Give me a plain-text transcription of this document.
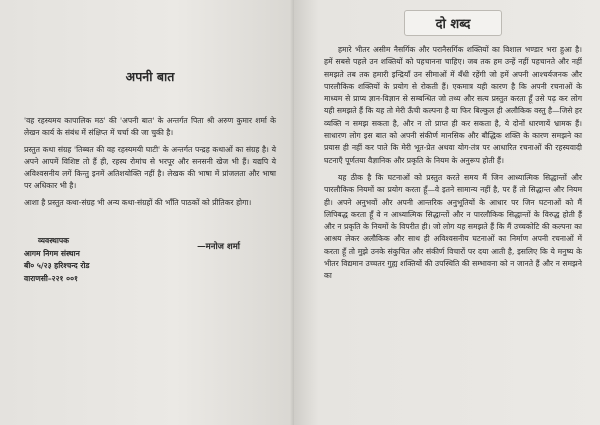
अपनी बात

'वह रहस्यमय कापालिक मठ' की 'अपनी बात' के अन्तर्गत पिता श्री अरुण कुमार शर्मा के लेखन कार्य के संबंध में संक्षिप्त में चर्चा की जा चुकी है।

प्रस्तुत कथा संग्रह 'तिब्बत की वह रहस्यमयी घाटी' के अन्तर्गत पन्द्रह कथाओं का संग्रह है। ये अपने आपमें विशिष्ट तो हैं ही, रहस्य रोमांच से भरपूर और सनसनी खेज भी हैं। यद्यपि ये अविश्वसनीय लगें किन्तु इनमें अतिशयोक्ति नहीं है। लेखक की भाषा में प्रांजलता और भाषा पर अधिकार भी है।

आशा है प्रस्तुत कथा-संग्रह भी अन्य कथा-संग्रहों की भाँति पाठकों को प्रीतिकर होगा।

व्यवस्थापक
आगम निगम संस्थान
बी० ५/२३ हरिश्चन्द रोड
वाराणसी–२२१ ००१
—मनोज शर्मा
दो शब्द

हमारे भीतर असीम नैसर्गिक और परानैसर्गिक शक्तियों का विशाल भण्डार भरा हुआ है। हमें सबसे पहले उन शक्तियों को पहचानना चाहिए। जब तक हम उन्हें नहीं पहचानते और नहीं समझते तब तक हमारी इन्द्रियाँ उन सीमाओं में बँधी रहेंगी जो हमें अपनी आश्चर्यजनक और पारलौकिक शक्तियों के प्रयोग से रोकती हैं। एकमात्र यही कारण है कि अपनी रचनाओं के माध्यम से प्राप्य ज्ञान-विज्ञान से सम्बन्धित जो तथ्य और सत्य प्रस्तुत करता हूँ उसे पढ़ कर लोग यही समझते हैं कि यह तो मेरी ऊँची कल्पना है या फिर बिल्कुल ही अलौकिक वस्तु है—जिसे हर व्यक्ति न समझ सकता है, और न तो प्राप्त ही कर सकता है, ये दोनों धारणायें भ्रामक हैं। साधारण लोग इस बात को अपनी संकीर्ण मानसिक और बौद्धिक शक्ति के कारण समझने का प्रयास ही नहीं कर पाते कि मेरी भूत-प्रेत अथवा योग-तंत्र पर आधारित रचनाओं की रहस्यवादी घटनाएँ पूर्णतया वैज्ञानिक और प्रकृति के नियम के अनुरूप होती हैं।

यह ठीक है कि घटनाओं को प्रस्तुत करते समय मैं जिन आध्यात्मिक सिद्धान्तों और पारलौकिक नियमों का प्रयोग करता हूँ—वे इतने सामान्य नहीं है, पर हैं तो सिद्धान्त और नियम ही। अपने अनुभवों और अपनी आन्तरिक अनुभूतियों के आधार पर जिन घटनाओं को मैं लिपिबद्ध करता हूँ वे न आध्यात्मिक सिद्धान्तों और न पारलौकिक सिद्धान्तों के विरुद्ध होती हैं और न प्रकृति के नियमों के विपरीत ही। जो लोग यह समझते हैं कि मैं उच्चकोटि की कल्पना का आश्रय लेकर अलौकिक और साथ ही अविश्वसनीय घटनाओं का निर्माण अपनी रचनाओं में करता हूँ तो मुझे उनके संकुचित और संकीर्ण विचारों पर दया आती है, इसलिए कि ये मनुष्य के भीतर विद्यमान उच्चतर गुह्य शक्तियों की उपस्थिति की सम्भावना को न जानते हैं और न समझने का
